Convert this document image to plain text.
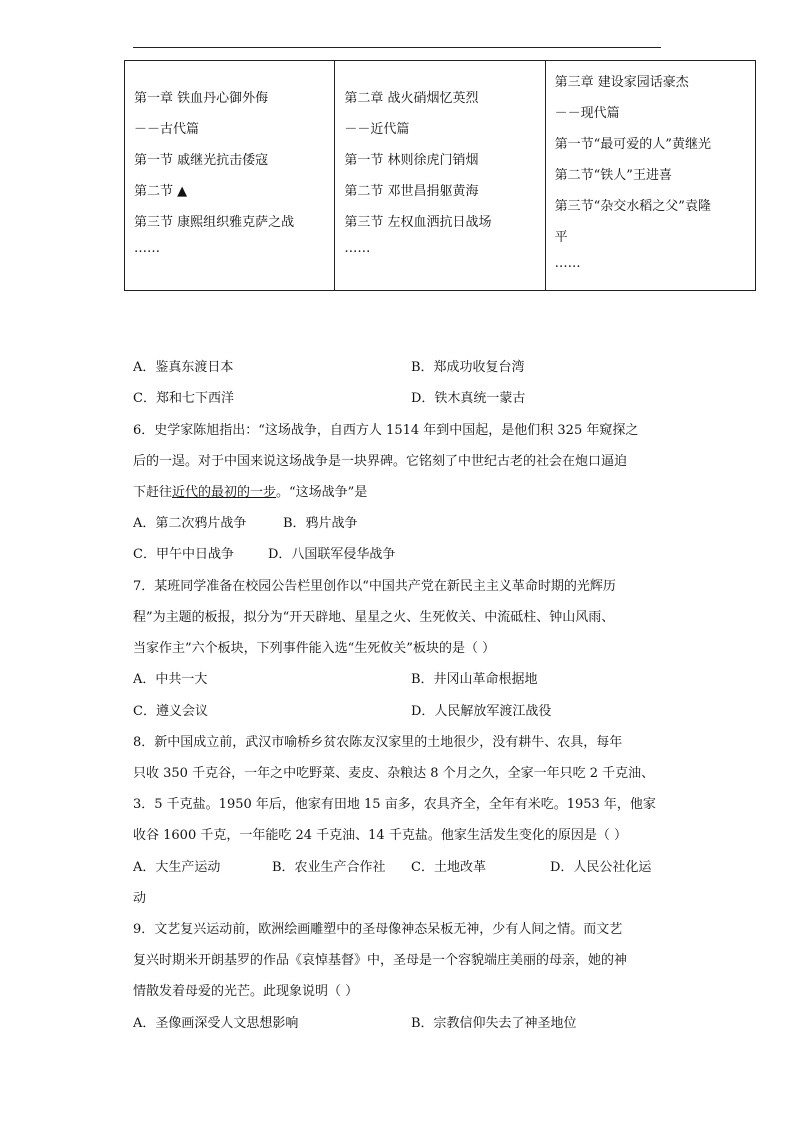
第一章 铁血丹心御外侮
－－古代篇
第一节 戚继光抗击倭寇
第二节 ▲
第三节 康熙组织雅克萨之战
……

第二章 战火硝烟忆英烈
－－近代篇
第一节 林则徐虎门销烟
第二节 邓世昌捐躯黄海
第三节 左权血洒抗日战场
……

第三章 建设家园话豪杰
－－现代篇
第一节“最可爱的人”黄继光
第二节“铁人”王进喜
第三节“杂交水稻之父”袁隆
平
……
A．鉴真东渡日本	B．郑成功收复台湾
C．郑和七下西洋	D．铁木真统一蒙古
6．史学家陈旭指出：“这场战争，自西方人 1514 年到中国起，是他们积 325 年窥探之
后的一逞。对于中国来说这场战争是一块界碑。它铭刻了中世纪古老的社会在炮口逼迫
下赶往近代的最初的一步。“这场战争”是
A．第二次鸦片战争	B．鸦片战争
C．甲午中日战争	D．八国联军侵华战争
7．某班同学准备在校园公告栏里创作以“中国共产党在新民主主义革命时期的光辉历
程”为主题的板报，拟分为“开天辟地、星星之火、生死攸关、中流砥柱、钟山风雨、
当家作主”六个板块，下列事件能入选“生死攸关”板块的是（ ）
A．中共一大	B．井冈山革命根据地
C．遵义会议	D．人民解放军渡江战役
8．新中国成立前，武汉市喻桥乡贫农陈友汉家里的土地很少，没有耕牛、农具，每年
只收 350 千克谷，一年之中吃野菜、麦皮、杂粮达 8 个月之久，全家一年只吃 2 千克油、
3．5 千克盐。1950 年后，他家有田地 15 亩多，农具齐全，全年有米吃。1953 年，他家
收谷 1600 千克，一年能吃 24 千克油、14 千克盐。他家生活发生变化的原因是（ ）
A．大生产运动	B．农业生产合作社 C．土地改革	D．人民公社化运
动
9．文艺复兴运动前，欧洲绘画雕塑中的圣母像神态呆板无神，少有人间之情。而文艺
复兴时期米开朗基罗的作品《哀悼基督》中，圣母是一个容貌端庄美丽的母亲，她的神
情散发着母爱的光芒。此现象说明（ ）
A．圣像画深受人文思想影响	B．宗教信仰失去了神圣地位
